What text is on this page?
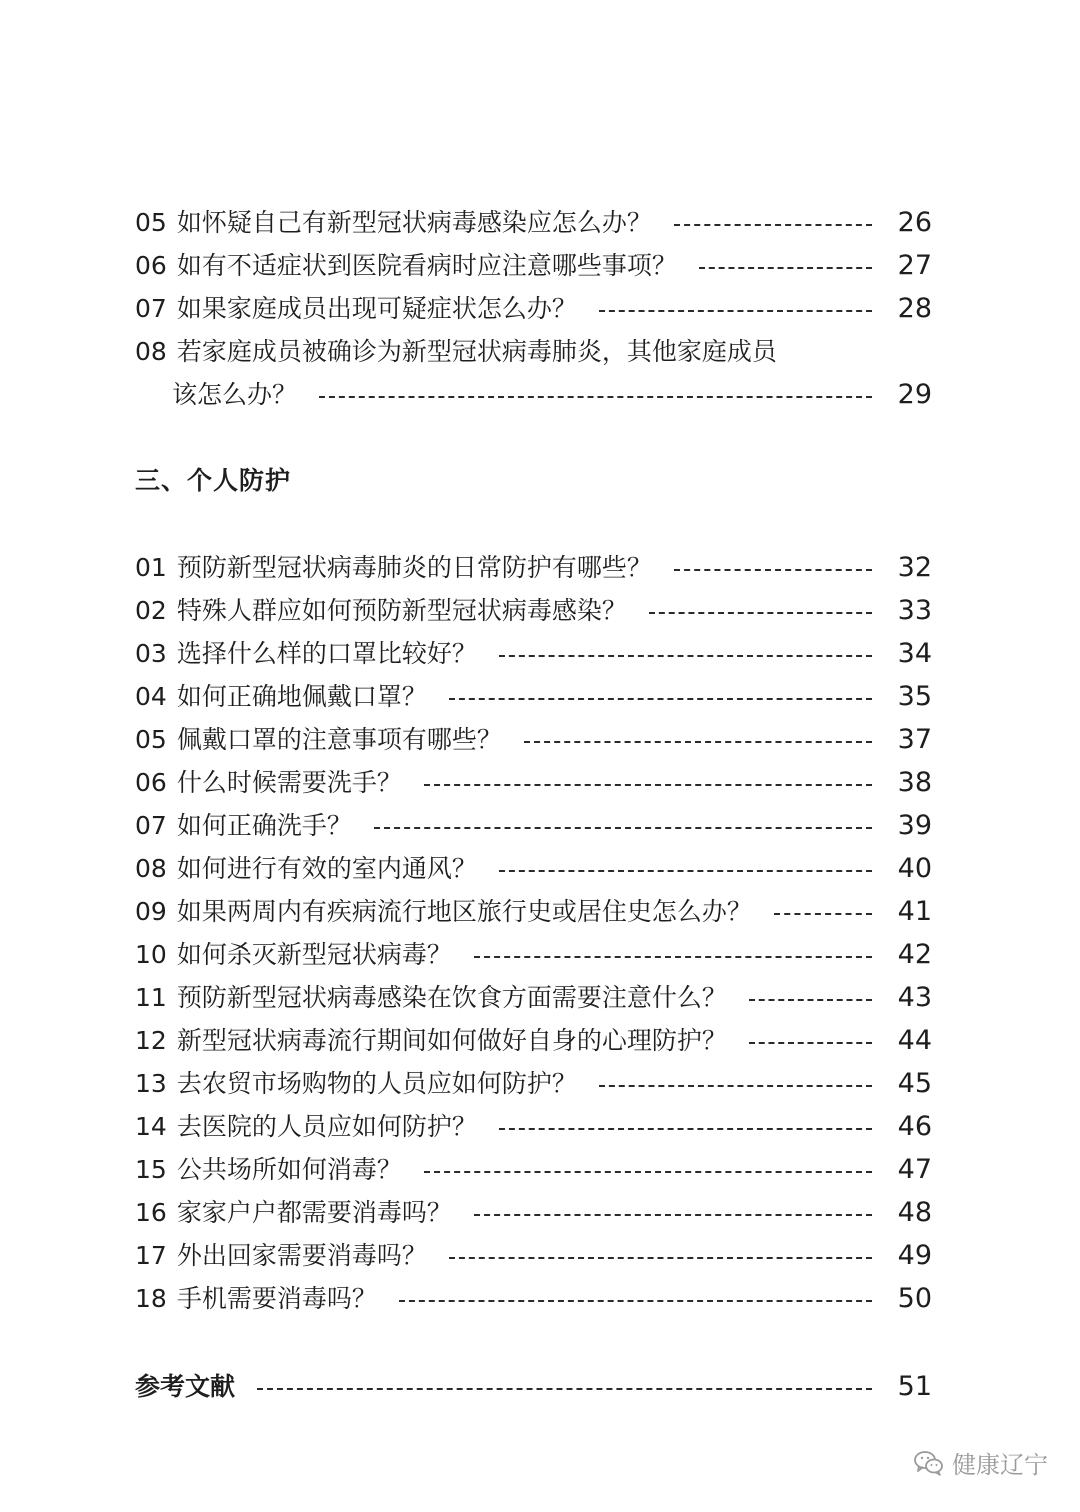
05 如怀疑自己有新型冠状病毒感染应怎么办？	26
06 如有不适症状到医院看病时应注意哪些事项？	27
07 如果家庭成员出现可疑症状怎么办？	28
08 若家庭成员被确诊为新型冠状病毒肺炎，其他家庭成员
该怎么办？	29
三、个人防护
01 预防新型冠状病毒肺炎的日常防护有哪些？	32
02 特殊人群应如何预防新型冠状病毒感染？	33
03 选择什么样的口罩比较好？	34
04 如何正确地佩戴口罩？	35
05 佩戴口罩的注意事项有哪些？	37
06 什么时候需要洗手？	38
07 如何正确洗手？	39
08 如何进行有效的室内通风？	40
09 如果两周内有疾病流行地区旅行史或居住史怎么办？	41
10 如何杀灭新型冠状病毒？	42
11 预防新型冠状病毒感染在饮食方面需要注意什么？	43
12 新型冠状病毒流行期间如何做好自身的心理防护？	44
13 去农贸市场购物的人员应如何防护？	45
14 去医院的人员应如何防护？	46
15 公共场所如何消毒？	47
16 家家户户都需要消毒吗？	48
17 外出回家需要消毒吗？	49
18 手机需要消毒吗？	50
参考文献	51
健康辽宁
